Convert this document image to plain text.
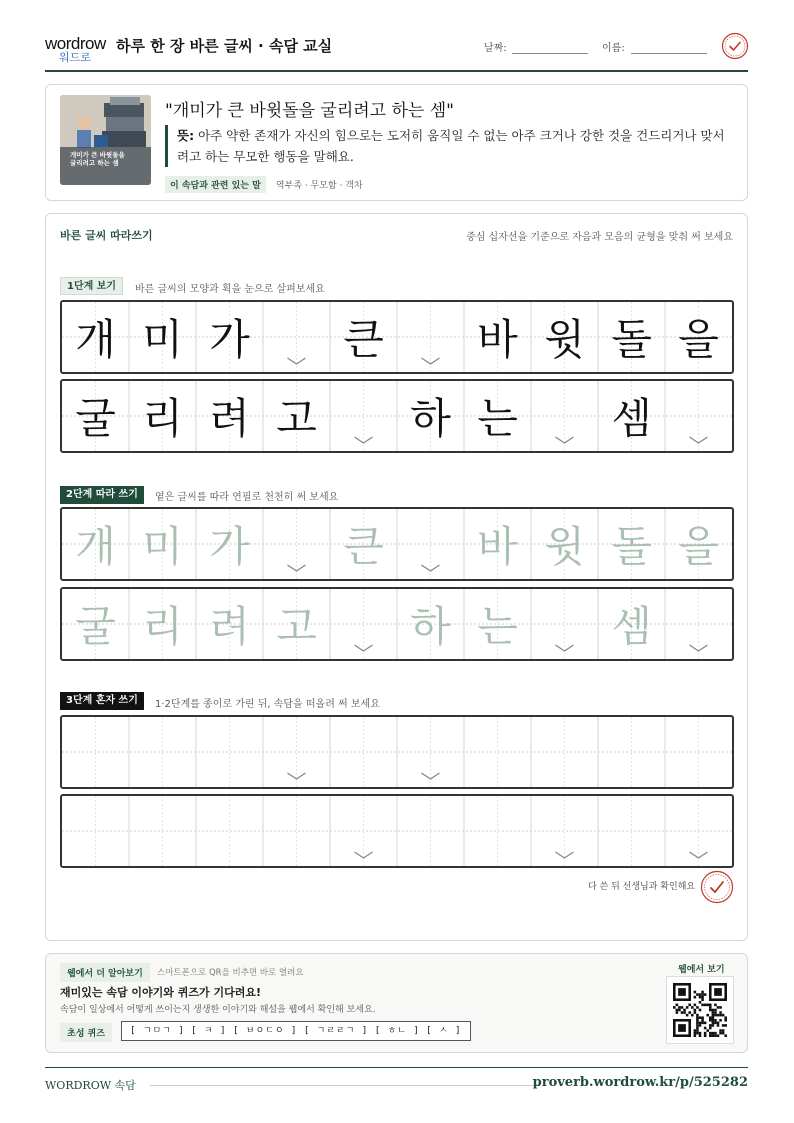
wordrow
워드로
하루 한 장 바른 글씨 · 속담 교실	날짜:	이름:
개미가 큰 바윗돌을
굴리려고 하는 셈
"개미가 큰 바윗돌을 굴리려고 하는 셈"
뜻: 아주 약한 존재가 자신의 힘으로는 도저히 움직일 수 없는 아주 크거나 강한 것을 건드리거나 맞서려고 하는 무모한 행동을 말해요.
이 속담과 관련 있는 말 역부족 · 무모함 · 객차
바른 글씨 따라쓰기	중심 십자선을 기준으로 자음과 모음의 균형을 맞춰 써 보세요
1단계 보기	바른 글씨의 모양과 획을 눈으로 살펴보세요
2단계 따라 쓰기	옅은 글씨를 따라 연필로 천천히 써 보세요
3단계 혼자 쓰기	1·2단계를 종이로 가린 뒤, 속담을 떠올려 써 보세요
개 미 가	큰	바 윗 돌 을
굴 리 려 고	하 는	셈
개 미 가	큰	바 윗 돌 을
굴 리 려 고	하 는	셈
다 쓴 뒤 선생님과 확인해요
웹에서 더 알아보기	스마트폰으로 QR을 비추면 바로 열려요
재미있는 속담 이야기와 퀴즈가 기다려요!
속담이 일상에서 어떻게 쓰이는지 생생한 이야기와 해설을 웹에서 확인해 보세요.
초성 퀴즈	[ ㄱㅁㄱ ] [ ㅋ ] [ ㅂㅇㄷㅇ ] [ ㄱㄹㄹㄱ ] [ ㅎㄴ ] [ ㅅ ]
웹에서 보기
WORDROW 속담	proverb.wordrow.kr/p/525282
